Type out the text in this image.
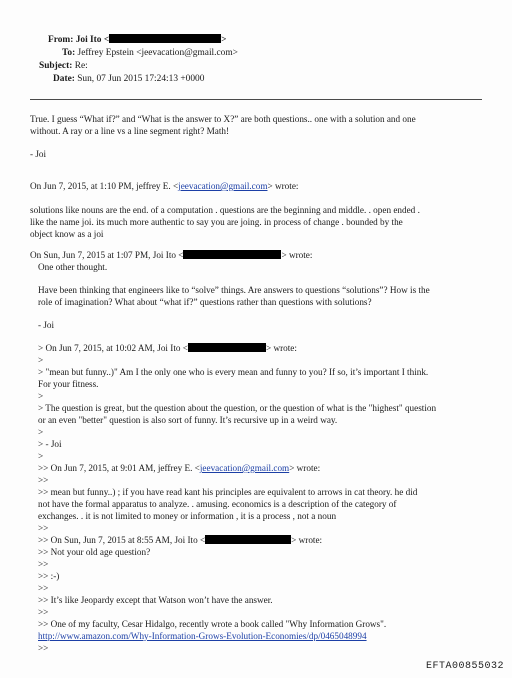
From: Joi Ito <	>
To: Jeffrey Epstein <jeevacation@gmail.com>
Subject: Re:
Date: Sun, 07 Jun 2015 17:24:13 +0000
True. I guess “What if?” and “What is the answer to X?” are both questions.. one with a solution and one
without. A ray or a line vs a line segment right? Math!
- Joi
On Jun 7, 2015, at 1:10 PM, jeffrey E. <jeevacation@gmail.com> wrote:
solutions like nouns are the end. of a computation . questions are the beginning and middle. . open ended .
like the name joi. its much more authentic to say you are joing. in process of change . bounded by the
object know as a joi
On Sun, Jun 7, 2015 at 1:07 PM, Joi Ito <	> wrote:
One other thought.
Have been thinking that engineers like to “solve” things. Are answers to questions “solutions”? How is the
role of imagination? What about “what if?” questions rather than questions with solutions?
- Joi
> On Jun 7, 2015, at 10:02 AM, Joi Ito <	> wrote:
>
> "mean but funny..)" Am I the only one who is every mean and funny to you? If so, it’s important I think.
For your fitness.
>
> The question is great, but the question about the question, or the question of what is the "highest" question
or an even "better" question is also sort of funny. It’s recursive up in a weird way.
>
> - Joi
>
>> On Jun 7, 2015, at 9:01 AM, jeffrey E. <jeevacation@gmail.com> wrote:
>>
>> mean but funny..) ; if you have read kant his principles are equivalent to arrows in cat theory. he did
not have the formal apparatus to analyze. . amusing. economics is a description of the category of
exchanges. . it is not limited to money or information , it is a process , not a noun
>>
>> On Sun, Jun 7, 2015 at 8:55 AM, Joi Ito <	> wrote:
>> Not your old age question?
>>
>> :-)
>>
>> It’s like Jeopardy except that Watson won’t have the answer.
>>
>> One of my faculty, Cesar Hidalgo, recently wrote a book called "Why Information Grows".
http://www.amazon.com/Why-Information-Grows-Evolution-Economies/dp/0465048994
>>
EFTA00855032
